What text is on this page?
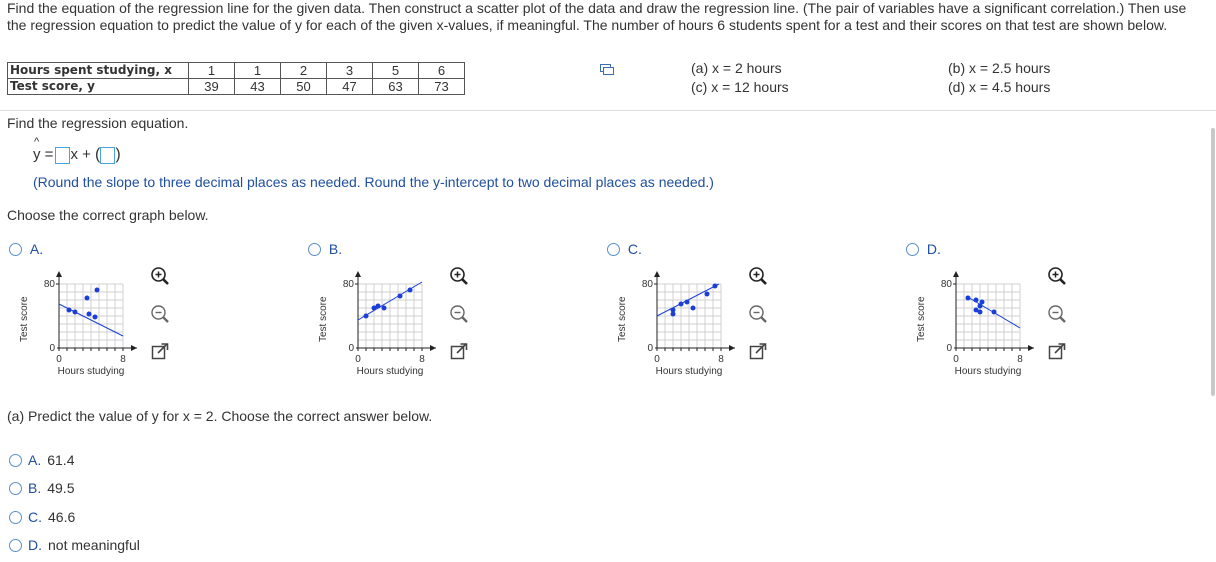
Find the equation of the regression line for the given data. Then construct a scatter plot of the data and draw the regression line. (The pair of variables have a significant correlation.) Then use the regression equation to predict the value of y for each of the given x-values, if meaningful. The number of hours 6 students spent for a test and their scores on that test are shown below.
Hours spent studying, x	1	1	2	3	5	6
Test score, y	39	43	50	47	63	73
(a) x = 2 hours
(c) x = 12 hours
(b) x = 2.5 hours
(d) x = 4.5 hours
Find the regression equation.
^
y = x + ( )
(Round the slope to three decimal places as needed. Round the y-intercept to two decimal places as needed.)
Choose the correct graph below.
A.
Test score
80
0
0	8
Hours studying
B.
Test score
80
0
0	8
Hours studying
C.
Test score
80
0
0	8
Hours studying
D.
Test score
80
0
0	8
Hours studying
(a) Predict the value of y for x = 2. Choose the correct answer below.
A. 61.4
B. 49.5
C. 46.6
D. not meaningful
